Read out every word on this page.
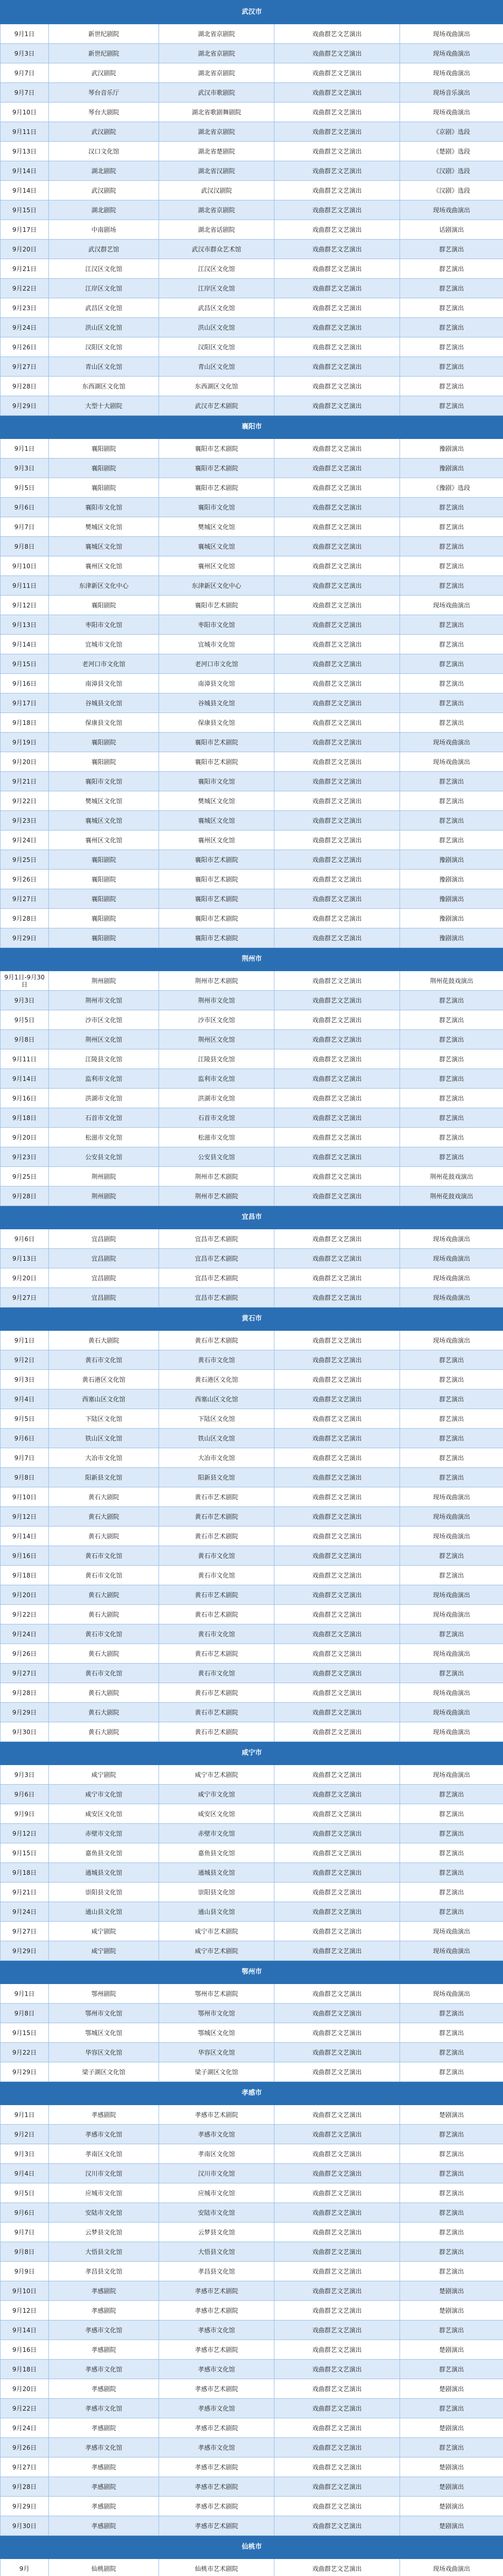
武汉市				
9月1日	新世纪剧院	湖北省京剧院	戏曲群艺文艺演出	现场戏曲演出
9月3日	新世纪剧院	湖北省京剧院	戏曲群艺文艺演出	现场戏曲演出
9月7日	武汉剧院	湖北省京剧院	戏曲群艺文艺演出	现场戏曲演出
9月7日	琴台音乐厅	武汉市歌剧院	戏曲群艺文艺演出	现场音乐演出
9月10日	琴台大剧院	湖北省歌剧舞剧院	戏曲群艺文艺演出	现场戏曲演出
9月11日	武汉剧院	湖北省京剧院	戏曲群艺文艺演出	《京剧》选段
9月13日	汉口文化馆	湖北省楚剧院	戏曲群艺文艺演出	《楚剧》选段
9月14日	湖北剧院	湖北省汉剧院	戏曲群艺文艺演出	《汉剧》选段
9月14日	武汉剧院	武汉汉剧院	戏曲群艺文艺演出	《汉剧》选段
9月15日	湖北剧院	湖北省京剧院	戏曲群艺文艺演出	现场戏曲演出
9月17日	中南剧场	湖北省话剧院	戏曲群艺文艺演出	话剧演出
9月20日	武汉群艺馆	武汉市群众艺术馆	戏曲群艺文艺演出	群艺演出
9月21日	江汉区文化馆	江汉区文化馆	戏曲群艺文艺演出	群艺演出
9月22日	江岸区文化馆	江岸区文化馆	戏曲群艺文艺演出	群艺演出
9月23日	武昌区文化馆	武昌区文化馆	戏曲群艺文艺演出	群艺演出
9月24日	洪山区文化馆	洪山区文化馆	戏曲群艺文艺演出	群艺演出
9月26日	汉阳区文化馆	汉阳区文化馆	戏曲群艺文艺演出	群艺演出
9月27日	青山区文化馆	青山区文化馆	戏曲群艺文艺演出	群艺演出
9月28日	东西湖区文化馆	东西湖区文化馆	戏曲群艺文艺演出	群艺演出
9月29日	大型十大剧院	武汉市艺术剧院	戏曲群艺文艺演出	群艺演出
襄阳市				
9月1日	襄阳剧院	襄阳市艺术剧院	戏曲群艺文艺演出	豫剧演出
9月3日	襄阳剧院	襄阳市艺术剧院	戏曲群艺文艺演出	豫剧演出
9月5日	襄阳剧院	襄阳市艺术剧院	戏曲群艺文艺演出	《豫剧》选段
9月6日	襄阳市文化馆	襄阳市文化馆	戏曲群艺文艺演出	群艺演出
9月7日	樊城区文化馆	樊城区文化馆	戏曲群艺文艺演出	群艺演出
9月8日	襄城区文化馆	襄城区文化馆	戏曲群艺文艺演出	群艺演出
9月10日	襄州区文化馆	襄州区文化馆	戏曲群艺文艺演出	群艺演出
9月11日	东津新区文化中心	东津新区文化中心	戏曲群艺文艺演出	群艺演出
9月12日	襄阳剧院	襄阳市艺术剧院	戏曲群艺文艺演出	现场戏曲演出
9月13日	枣阳市文化馆	枣阳市文化馆	戏曲群艺文艺演出	群艺演出
9月14日	宜城市文化馆	宜城市文化馆	戏曲群艺文艺演出	群艺演出
9月15日	老河口市文化馆	老河口市文化馆	戏曲群艺文艺演出	群艺演出
9月16日	南漳县文化馆	南漳县文化馆	戏曲群艺文艺演出	群艺演出
9月17日	谷城县文化馆	谷城县文化馆	戏曲群艺文艺演出	群艺演出
9月18日	保康县文化馆	保康县文化馆	戏曲群艺文艺演出	群艺演出
9月19日	襄阳剧院	襄阳市艺术剧院	戏曲群艺文艺演出	现场戏曲演出
9月20日	襄阳剧院	襄阳市艺术剧院	戏曲群艺文艺演出	现场戏曲演出
9月21日	襄阳市文化馆	襄阳市文化馆	戏曲群艺文艺演出	群艺演出
9月22日	樊城区文化馆	樊城区文化馆	戏曲群艺文艺演出	群艺演出
9月23日	襄城区文化馆	襄城区文化馆	戏曲群艺文艺演出	群艺演出
9月24日	襄州区文化馆	襄州区文化馆	戏曲群艺文艺演出	群艺演出
9月25日	襄阳剧院	襄阳市艺术剧院	戏曲群艺文艺演出	豫剧演出
9月26日	襄阳剧院	襄阳市艺术剧院	戏曲群艺文艺演出	豫剧演出
9月27日	襄阳剧院	襄阳市艺术剧院	戏曲群艺文艺演出	豫剧演出
9月28日	襄阳剧院	襄阳市艺术剧院	戏曲群艺文艺演出	豫剧演出
9月29日	襄阳剧院	襄阳市艺术剧院	戏曲群艺文艺演出	豫剧演出
荆州市				
9月1日-9月30日	荆州剧院	荆州市艺术剧院	戏曲群艺文艺演出	荆州花鼓戏演出
9月3日	荆州市文化馆	荆州市文化馆	戏曲群艺文艺演出	群艺演出
9月5日	沙市区文化馆	沙市区文化馆	戏曲群艺文艺演出	群艺演出
9月8日	荆州区文化馆	荆州区文化馆	戏曲群艺文艺演出	群艺演出
9月11日	江陵县文化馆	江陵县文化馆	戏曲群艺文艺演出	群艺演出
9月14日	监利市文化馆	监利市文化馆	戏曲群艺文艺演出	群艺演出
9月16日	洪湖市文化馆	洪湖市文化馆	戏曲群艺文艺演出	群艺演出
9月18日	石首市文化馆	石首市文化馆	戏曲群艺文艺演出	群艺演出
9月20日	松滋市文化馆	松滋市文化馆	戏曲群艺文艺演出	群艺演出
9月23日	公安县文化馆	公安县文化馆	戏曲群艺文艺演出	群艺演出
9月25日	荆州剧院	荆州市艺术剧院	戏曲群艺文艺演出	荆州花鼓戏演出
9月28日	荆州剧院	荆州市艺术剧院	戏曲群艺文艺演出	荆州花鼓戏演出
宜昌市				
9月6日	宜昌剧院	宜昌市艺术剧院	戏曲群艺文艺演出	现场戏曲演出
9月13日	宜昌剧院	宜昌市艺术剧院	戏曲群艺文艺演出	现场戏曲演出
9月20日	宜昌剧院	宜昌市艺术剧院	戏曲群艺文艺演出	现场戏曲演出
9月27日	宜昌剧院	宜昌市艺术剧院	戏曲群艺文艺演出	现场戏曲演出
黄石市				
9月1日	黄石大剧院	黄石市艺术剧院	戏曲群艺文艺演出	现场戏曲演出
9月2日	黄石市文化馆	黄石市文化馆	戏曲群艺文艺演出	群艺演出
9月3日	黄石港区文化馆	黄石港区文化馆	戏曲群艺文艺演出	群艺演出
9月4日	西塞山区文化馆	西塞山区文化馆	戏曲群艺文艺演出	群艺演出
9月5日	下陆区文化馆	下陆区文化馆	戏曲群艺文艺演出	群艺演出
9月6日	铁山区文化馆	铁山区文化馆	戏曲群艺文艺演出	群艺演出
9月7日	大冶市文化馆	大冶市文化馆	戏曲群艺文艺演出	群艺演出
9月8日	阳新县文化馆	阳新县文化馆	戏曲群艺文艺演出	群艺演出
9月10日	黄石大剧院	黄石市艺术剧院	戏曲群艺文艺演出	现场戏曲演出
9月12日	黄石大剧院	黄石市艺术剧院	戏曲群艺文艺演出	现场戏曲演出
9月14日	黄石大剧院	黄石市艺术剧院	戏曲群艺文艺演出	现场戏曲演出
9月16日	黄石市文化馆	黄石市文化馆	戏曲群艺文艺演出	群艺演出
9月18日	黄石市文化馆	黄石市文化馆	戏曲群艺文艺演出	群艺演出
9月20日	黄石大剧院	黄石市艺术剧院	戏曲群艺文艺演出	现场戏曲演出
9月22日	黄石大剧院	黄石市艺术剧院	戏曲群艺文艺演出	现场戏曲演出
9月24日	黄石市文化馆	黄石市文化馆	戏曲群艺文艺演出	群艺演出
9月26日	黄石大剧院	黄石市艺术剧院	戏曲群艺文艺演出	现场戏曲演出
9月27日	黄石市文化馆	黄石市文化馆	戏曲群艺文艺演出	群艺演出
9月28日	黄石大剧院	黄石市艺术剧院	戏曲群艺文艺演出	现场戏曲演出
9月29日	黄石大剧院	黄石市艺术剧院	戏曲群艺文艺演出	现场戏曲演出
9月30日	黄石大剧院	黄石市艺术剧院	戏曲群艺文艺演出	现场戏曲演出
咸宁市				
9月3日	咸宁剧院	咸宁市艺术剧院	戏曲群艺文艺演出	现场戏曲演出
9月6日	咸宁市文化馆	咸宁市文化馆	戏曲群艺文艺演出	群艺演出
9月9日	咸安区文化馆	咸安区文化馆	戏曲群艺文艺演出	群艺演出
9月12日	赤壁市文化馆	赤壁市文化馆	戏曲群艺文艺演出	群艺演出
9月15日	嘉鱼县文化馆	嘉鱼县文化馆	戏曲群艺文艺演出	群艺演出
9月18日	通城县文化馆	通城县文化馆	戏曲群艺文艺演出	群艺演出
9月21日	崇阳县文化馆	崇阳县文化馆	戏曲群艺文艺演出	群艺演出
9月24日	通山县文化馆	通山县文化馆	戏曲群艺文艺演出	群艺演出
9月27日	咸宁剧院	咸宁市艺术剧院	戏曲群艺文艺演出	现场戏曲演出
9月29日	咸宁剧院	咸宁市艺术剧院	戏曲群艺文艺演出	现场戏曲演出
鄂州市				
9月1日	鄂州剧院	鄂州市艺术剧院	戏曲群艺文艺演出	现场戏曲演出
9月8日	鄂州市文化馆	鄂州市文化馆	戏曲群艺文艺演出	群艺演出
9月15日	鄂城区文化馆	鄂城区文化馆	戏曲群艺文艺演出	群艺演出
9月22日	华容区文化馆	华容区文化馆	戏曲群艺文艺演出	群艺演出
9月29日	梁子湖区文化馆	梁子湖区文化馆	戏曲群艺文艺演出	群艺演出
孝感市				
9月1日	孝感剧院	孝感市艺术剧院	戏曲群艺文艺演出	楚剧演出
9月2日	孝感市文化馆	孝感市文化馆	戏曲群艺文艺演出	群艺演出
9月3日	孝南区文化馆	孝南区文化馆	戏曲群艺文艺演出	群艺演出
9月4日	汉川市文化馆	汉川市文化馆	戏曲群艺文艺演出	群艺演出
9月5日	应城市文化馆	应城市文化馆	戏曲群艺文艺演出	群艺演出
9月6日	安陆市文化馆	安陆市文化馆	戏曲群艺文艺演出	群艺演出
9月7日	云梦县文化馆	云梦县文化馆	戏曲群艺文艺演出	群艺演出
9月8日	大悟县文化馆	大悟县文化馆	戏曲群艺文艺演出	群艺演出
9月9日	孝昌县文化馆	孝昌县文化馆	戏曲群艺文艺演出	群艺演出
9月10日	孝感剧院	孝感市艺术剧院	戏曲群艺文艺演出	楚剧演出
9月12日	孝感剧院	孝感市艺术剧院	戏曲群艺文艺演出	楚剧演出
9月14日	孝感市文化馆	孝感市文化馆	戏曲群艺文艺演出	群艺演出
9月16日	孝感剧院	孝感市艺术剧院	戏曲群艺文艺演出	楚剧演出
9月18日	孝感市文化馆	孝感市文化馆	戏曲群艺文艺演出	群艺演出
9月20日	孝感剧院	孝感市艺术剧院	戏曲群艺文艺演出	楚剧演出
9月22日	孝感市文化馆	孝感市文化馆	戏曲群艺文艺演出	群艺演出
9月24日	孝感剧院	孝感市艺术剧院	戏曲群艺文艺演出	楚剧演出
9月26日	孝感市文化馆	孝感市文化馆	戏曲群艺文艺演出	群艺演出
9月27日	孝感剧院	孝感市艺术剧院	戏曲群艺文艺演出	楚剧演出
9月28日	孝感剧院	孝感市艺术剧院	戏曲群艺文艺演出	楚剧演出
9月29日	孝感剧院	孝感市艺术剧院	戏曲群艺文艺演出	楚剧演出
9月30日	孝感剧院	孝感市艺术剧院	戏曲群艺文艺演出	楚剧演出
仙桃市				
9月	仙桃剧院	仙桃市艺术剧院	戏曲群艺文艺演出	现场戏曲演出
